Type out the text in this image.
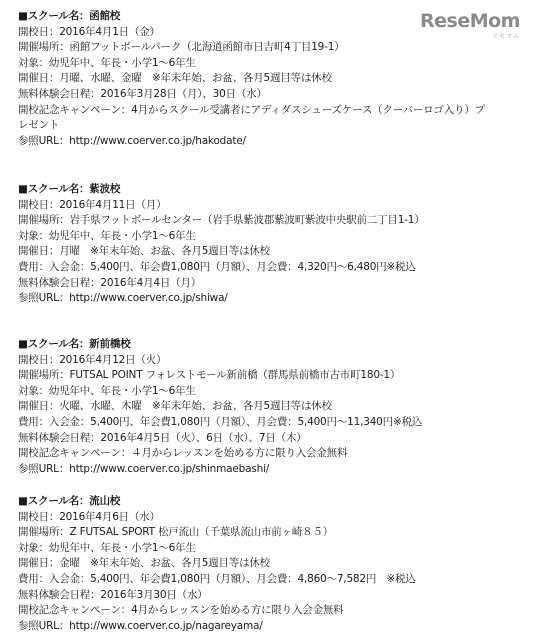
ReseMom
リセマム
■スクール名：函館校
開校日：2016年4月1日（金）
開催場所：函館フットボールパーク（北海道函館市日吉町4丁目19-1）
対象：幼児年中、年長・小学1～6年生
開催日：月曜、水曜、金曜　※年末年始、お盆、各月5週目等は休校
無料体験会日程：2016年3月28日（月）、30日（水）
開校記念キャンペーン：4月からスクール受講者にアディダスシューズケース（クーバーロゴ入り）プレゼント
参照URL：http://www.coerver.co.jp/hakodate/
■スクール名：紫波校
開校日：2016年4月11日（月）
開催場所：岩手県フットボールセンター（岩手県紫波郡紫波町紫波中央駅前二丁目1-1）
対象：幼児年中、年長・小学1～6年生
開催日：月曜　※年末年始、お盆、各月5週目等は休校
費用：入会金：5,400円、年会費1,080円（月額）、月会費：4,320円～6,480円※税込
無料体験会日程：2016年4月4日（月）
参照URL：http://www.coerver.co.jp/shiwa/
■スクール名：新前橋校
開校日：2016年4月12日（火）
開催場所：FUTSAL POINT フォレストモール新前橋（群馬県前橋市古市町180-1）
対象：幼児年中、年長・小学1～6年生
開催日：火曜、水曜、木曜　※年末年始、お盆、各月5週目等は休校
費用：入会金：5,400円、年会費1,080円（月額）、月会費：5,400円～11,340円※税込
無料体験会日程：2016年4月5日（火）、6日（水）、7日（木）
開校記念キャンペーン：４月からレッスンを始める方に限り入会金無料
参照URL：http://www.coerver.co.jp/shinmaebashi/
■スクール名：流山校
開校日：2016年4月6日（水）
開催場所：Z FUTSAL SPORT 松戸流山（千葉県流山市前ヶ崎８５）
対象：幼児年中、年長・小学1～6年生
開催日：金曜　※年末年始、お盆、各月5週目等は休校
費用：入会金：5,400円、年会費1,080円（月額）、月会費：4,860～7,582円　※税込
無料体験会日程：2016年3月30日（水）
開校記念キャンペーン：4月からレッスンを始める方に限り入会金無料
参照URL：http://www.coerver.co.jp/nagareyama/
